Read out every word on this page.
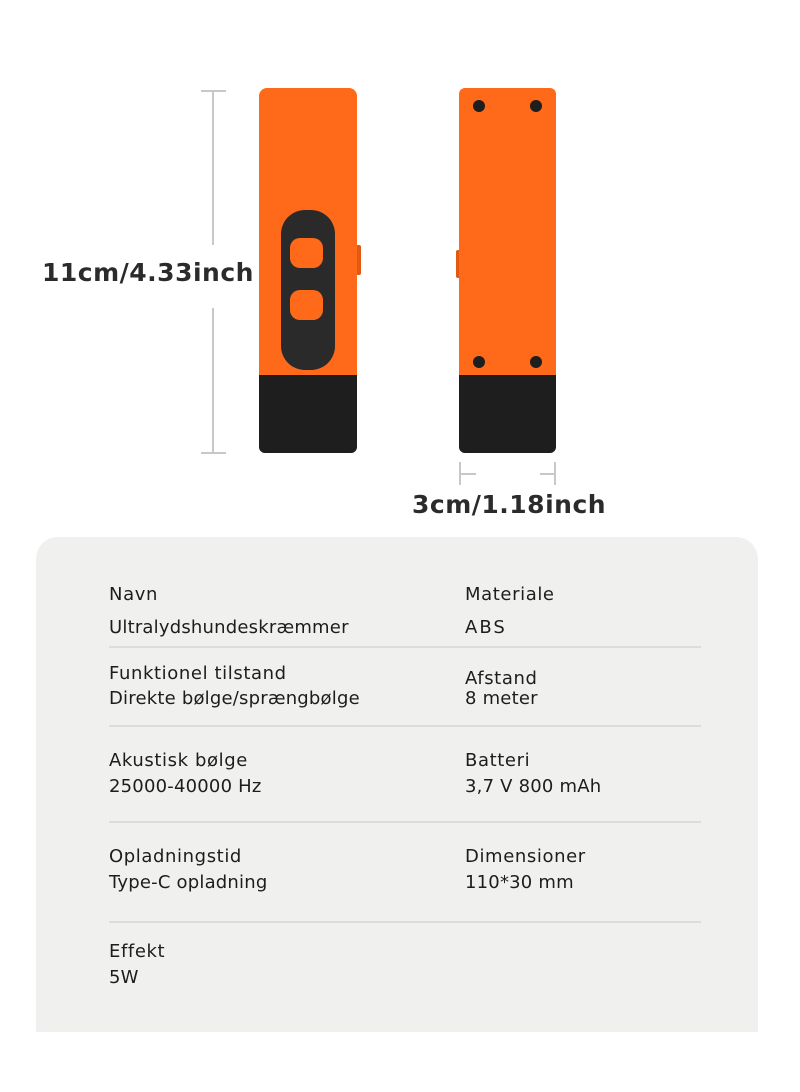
11cm/4.33inch
3cm/1.18inch
Navn
Ultralydshundeskræmmer
Materiale
ABS
Funktionel tilstand
Direkte bølge/sprængbølge
Afstand
8 meter
Akustisk bølge
25000-40000 Hz
Batteri
3,7 V 800 mAh
Opladningstid
Type-C opladning
Dimensioner
110*30 mm
Effekt
5W
